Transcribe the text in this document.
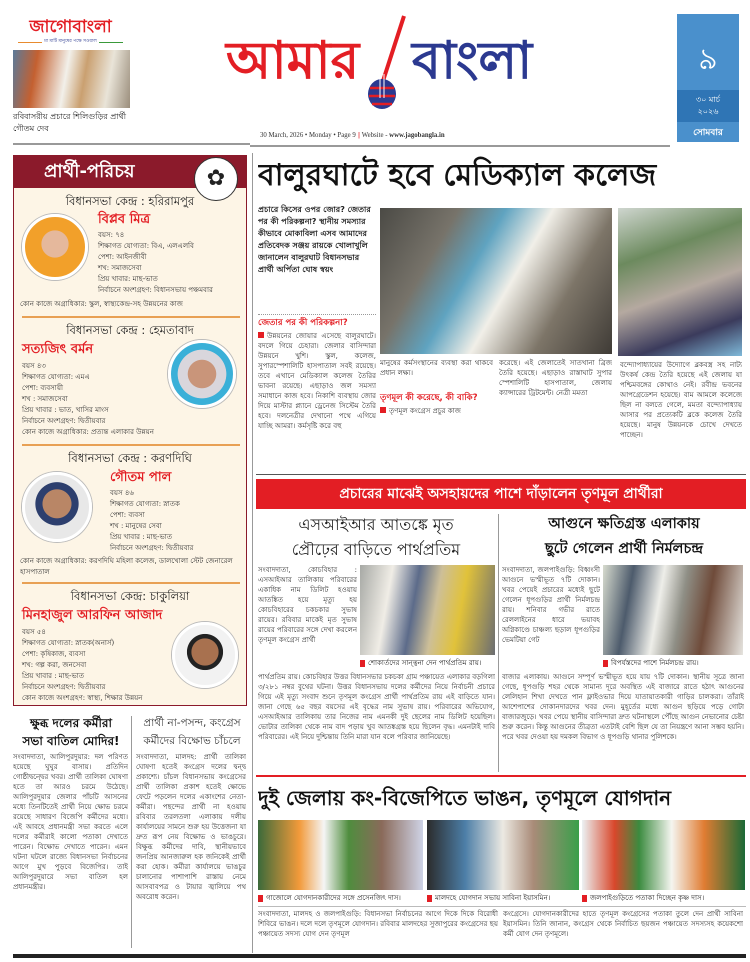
জাগোবাংলা
মা মাটি মানুষের পক্ষে সওয়াল
রবিবাসরীয় প্রচারে শিলিগুড়ির প্রার্থী গৌতম দেব
আমার বাংলা
30 March, 2026 • Monday • Page 9 || Website - www.jagobangla.in
৯
৩০ মার্চ
২০২৬
সোমবার
প্রার্থী-পরিচয়	✿
বিধানসভা কেন্দ্র : হরিরামপুর
বিপ্লব মিত্র
বয়স: ৭৪
শিক্ষাগত যোগ্যতা: বিএ, এলএলবি
পেশা: আইনজীবী
শখ: সমাজসেবা
প্রিয় খাবার: মাছ-ভাত
নির্বাচনে অংশগ্রহণ: বিধানসভায় পঞ্চমবার
কোন কাজে অগ্রাধিকার: স্কুল, স্বাস্থ্যকেন্দ্র-সহ উন্নয়নের কাজ
বিধানসভা কেন্দ্র : হেমতাবাদ
সত্যজিৎ বর্মন
বয়স ৪৩
শিক্ষাগত যোগ্যতা: এমএ
পেশা: ব্যবসায়ী
শখ : সমাজসেবা
প্রিয় খাবার : ভাত, খাসির মাংস
নির্বাচনে অংশগ্রহণ: দ্বিতীয়বার
কোন কাজে অগ্রাধিকার: প্রত্যন্ত এলাকার উন্নয়ন
বিধানসভা কেন্দ্র : করণদিঘি
গৌতম পাল
বয়স ৪৬
শিক্ষাগত যোগ্যতা: স্নাতক
পেশা: ব্যবসা
শখ : মানুষের সেবা
প্রিয় খাবার : মাছ-ভাত
নির্বাচনে অংশগ্রহণ: দ্বিতীয়বার
কোন কাজে অগ্রাধিকার: করণদিঘি মহিলা কলেজ, ডালখোলা স্টেট জেনারেল হাসপাতাল
বিধানসভা কেন্দ্র: চাকুলিয়া
মিনহাজুল আরফিন আজাদ
বয়স ৫৪
শিক্ষাগত যোগ্যতা: স্নাতক(অনার্স)
পেশা: কৃষিকাজ, ব্যবসা
শখ: গল্প করা, জনসেবা
প্রিয় খাবার : মাছ-ভাত
নির্বাচনে অংশগ্রহণ: দ্বিতীয়বার
কোন কাজে অংশগ্রহণ: স্বাস্থ্য, শিক্ষার উন্নয়ন
ক্ষুব্ধ দলের কর্মীরা
সভা বাতিল মোদির!
সংবাদদাতা, আলিপুরদুয়ার: দল পরিণত হয়েছে ঘুঘুর বাসায়। প্রতিদিন গোষ্ঠীদ্বন্দ্বের খবর। প্রার্থী তালিকা ঘোষণা হতে তা আরও চরমে উঠেছে। আলিপুরদুয়ার জেলার পাঁচটি আসনের মধ্যে তিনটিতেই প্রার্থী নিয়ে ক্ষোভ চরমে রয়েছে সাধারণ বিজেপি কর্মীদের মধ্যে। এই আবহে প্রধানমন্ত্রী সভা করতে এলে দলের কর্মীরাই কালো পতাকা দেখাতে পারেন। বিক্ষোভ দেখাতে পারেন। এমন ঘটনা ঘটলে রাজ্যে বিধানসভা নির্বাচনের আগে মুখ পুড়বে বিজেপির। তাই আলিপুরদুয়ারে সভা বাতিল হল প্রধানমন্ত্রীর।
প্রার্থী না-পসন্দ, কংগ্রেস
কর্মীদের বিক্ষোভ চাঁচলে
সংবাদদাতা, মালদহ: প্রার্থী তালিকা ঘোষণা হতেই কংগ্রেস দলের দ্বন্দ্ব প্রকাশ্যে। চাঁচল বিধানসভায় কংগ্রেসের প্রার্থী তালিকা প্রকাশ হতেই ক্ষোভে ফেটে পড়লেন দলের একাংশের নেতা-কর্মীরা। পছন্দের প্রার্থী না হওয়ায় রবিবার তরলতলা এলাকায় দলীয় কার্যালয়ের সামনে শুরু হয় উত্তেজনা যা দ্রুত রূপ নেয় বিক্ষোভ ও ভাঙচুরে। বিক্ষুব্ধ কর্মীদের দাবি, স্থানীয়ভাবে জনপ্রিয় আনজারুল হক জনিকেই প্রার্থী করা হোক। কর্মীরা কার্যালয়ে ভাঙচুর চালানোর পাশাপাশি রাস্তায় নেমে আসবাবপত্র ও টায়ার জ্বালিয়ে পথ অবরোধ করেন।
বালুরঘাটে হবে মেডিক্যাল কলেজ
প্রচারে কিসের ওপর জোর? জেতার পর কী পরিকল্পনা? স্থানীয় সমস্যার কীভাবে মোকাবিলা এসব আমাদের প্রতিবেদক সঞ্জয় রায়কে খোলাখুলি জানালেন বালুরঘাট বিধানসভার প্রার্থী অর্পিতা ঘোষ স্বয়ং
জেতার পর কী পরিকল্পনা?
উন্নয়নের জোয়ার এসেছে বালুরঘাটে। বদলে গিয়ে চেহারা। জেলার বাসিন্দারা উন্নয়নে খুশি। স্কুল, কলেজ, সুপারস্পেশালিটি হাসপাতাল সবই রয়েছে। তবে এখানে মেডিক্যাল কলেজ তৈরির ভাবনা রয়েছে। এছাড়াও জল সমস্যা সমাধানে কাজ হবে। নিকাশি ব্যবস্থায় জোর দিয়ে মাস্টার প্ল্যানে ড্রেনেজ সিস্টেম তৈরি হবে। দলনেত্রীর দেখানো পথে এগিয়ে যাচ্ছি আমরা। কর্মসৃষ্টি করে বহু
মানুষের কর্মসংস্থানের ব্যবস্থা করা থাকবে প্রধান লক্ষ্য।
তৃণমূল কী করেছে, কী বাকি?
তৃণমূল কংগ্রেস প্রচুর কাজ
করেছে। এই জেলাতেই সাতখানা ব্রিজ তৈরি হয়েছে। এছাড়াও রাস্তাঘাট সুপার স্পেশালিটি হাসপাতাল, জেলায় ক্যান্সারের ট্রিটমেন্ট। নেত্রী মমতা
বন্দ্যোপাধ্যায়ের উদ্যোগে ব্লকবস্ত্র সহ নাট্য উৎকর্ষ কেন্দ্র তৈরি হয়েছে এই জেলায় যা পশ্চিমবঙ্গের কোথাও নেই। রবীন্দ্র ভবনের আপগ্রেডেশন হয়েছে। বাম আমলে কলেজে ছিল না বলতে গেলে, মমতা বন্দ্যোপাধ্যায় আসার পর প্রত্যেকটি ব্লকে কলেজ তৈরি হয়েছে। মানুষ উন্নয়নকে চোখে দেখতে পাচ্ছেন।
প্রচারের মাঝেই অসহায়দের পাশে দাঁড়ালেন তৃণমূল প্রার্থীরা
এসআইআর আতঙ্কে মৃত
প্রৌঢ়ের বাড়িতে পার্থপ্রতিম
সংবাদদাতা, কোচবিহার : এসআইআর তালিকায় পরিবারের একাধিক নাম ডিলিট হওয়ায় আতঙ্কিত হয়ে মৃত্যু হয় কোচবিহারের চকচকার সুভাষ রায়ের। রবিবার মাকেই মৃত সুভাষ রায়ের পরিবারের সঙ্গে দেখা করলেন তৃণমূল কংগ্রেস প্রার্থী
শোকার্তদের সান্ত্বনা দেন পার্থপ্রতিম রায়।
পার্থপ্রতিম রায়। কোচবিহার উত্তর বিধানসভার চকচকা গ্রাম পঞ্চায়েত এলাকার বড়গিলা ৩/২৮১ নম্বর বুথের ঘটনা। উত্তর বিধানসভায় দলের কর্মীদের নিয়ে নির্বাচনী প্রচারে গিয়ে এই মৃত্যু সংবাদ শুনে তৃণমূল কংগ্রেস প্রার্থী পার্থপ্রতিম রায় এই বাড়িতে যান। জানা গেছে ৬৫ বছর বয়সের এই বৃদ্ধের নাম সুভাষ রায়। পরিবারের অভিযোগ, এসআইআর তালিকায় তার নিজের নাম এমনকী দুই ছেলের নাম ডিলিট হয়েছিল। ভোটার তালিকা থেকে নাম বাদ পড়ায় খুব আতঙ্কগ্রস্ত হয়ে ছিলেন বৃদ্ধ। এমনটাই দাবি পরিবারের। এই নিয়ে দুশ্চিন্তায় তিনি মারা যান বলে পরিবার জানিয়েছে।
আগুনে ক্ষতিগ্রস্ত এলাকায়
ছুটে গেলেন প্রার্থী নির্মলচন্দ্র
সংবাদদাতা, জলপাইগুড়ি: বিধ্বংসী আগুনে ভস্মীভূত ৭টি দোকান। খবর পেয়েই প্রচারের মধ্যেই ছুটে গেলেন ধূপগুড়ির প্রার্থী নির্মলচন্দ্র রায়। শনিবার গভীর রাতে রেললাইনের ধারে ভয়াবহ অগ্নিকাণ্ডে চাঞ্চল্য ছড়াল ধূপগুড়ির ভেমটিয়া গেট
বিপর্যস্তদের পাশে নির্মলচন্দ্র রায়।
বাজার এলাকায়। আগুনে সম্পূর্ণ ভস্মীভূত হয়ে যায় ৭টি দোকান। স্থানীয় সূত্রে জানা গেছে, ধূপগুড়ি শহর থেকে সামান্য দূরে অবস্থিত এই বাজারে রাতে হঠাৎ আগুনের লেলিহান শিখা দেখতে পান ফ্লাইওভার দিয়ে যাতায়াতকারী গাড়ির চালকরা। তাঁরাই আশেপাশের দোকানদারদের খবর দেন। মুহূর্তের মধ্যে আগুন ছড়িয়ে পড়ে গোটা বাজারজুড়ে। খবর পেয়ে স্থানীয় বাসিন্দারা দ্রুত ঘটনাস্থলে পৌঁছে আগুন নেভানোর চেষ্টা শুরু করেন। কিন্তু আগুনের তীব্রতা এতটাই বেশি ছিল যে তা নিয়ন্ত্রণে আনা সম্ভব হয়নি। পরে খবর দেওয়া হয় দমকল বিভাগ ও ধূপগুড়ি থানার পুলিশকে।
দুই জেলায় কং-বিজেপিতে ভাঙন, তৃণমূলে যোগদান
গাজোলে যোগদানকারীদের সঙ্গে প্রসেনজিৎ দাস।	মালদহে যোগদান সভায় সাবিনা ইয়াসমিন।	জলপাইগুড়িতে পতাকা দিচ্ছেন কৃষ্ণ দাস।
সংবাদদাতা, মালদহ ও জলপাইগুড়ি: বিধানসভা নির্বাচনের আগে দিকে দিকে বিরোধী শিবিরে ভাঙন। দলে দলে তৃণমূলে যোগদান। রবিবার মালদহের সুজাপুরের কংগ্রেসের ছয় পঞ্চায়েত সদস্য যোগ দেন তৃণমূল
কংগ্রেসে। যোগদানকারীদের হাতে তৃণমূল কংগ্রেসের পতাকা তুলে দেন প্রার্থী সাবিনা ইয়াসমিন। তিনি জানান, কংগ্রেস থেকে নির্বাচিত ছয়জন পঞ্চায়েত সদস্যসহ কয়েকশো কর্মী যোগ দেন তৃণমূলে।
